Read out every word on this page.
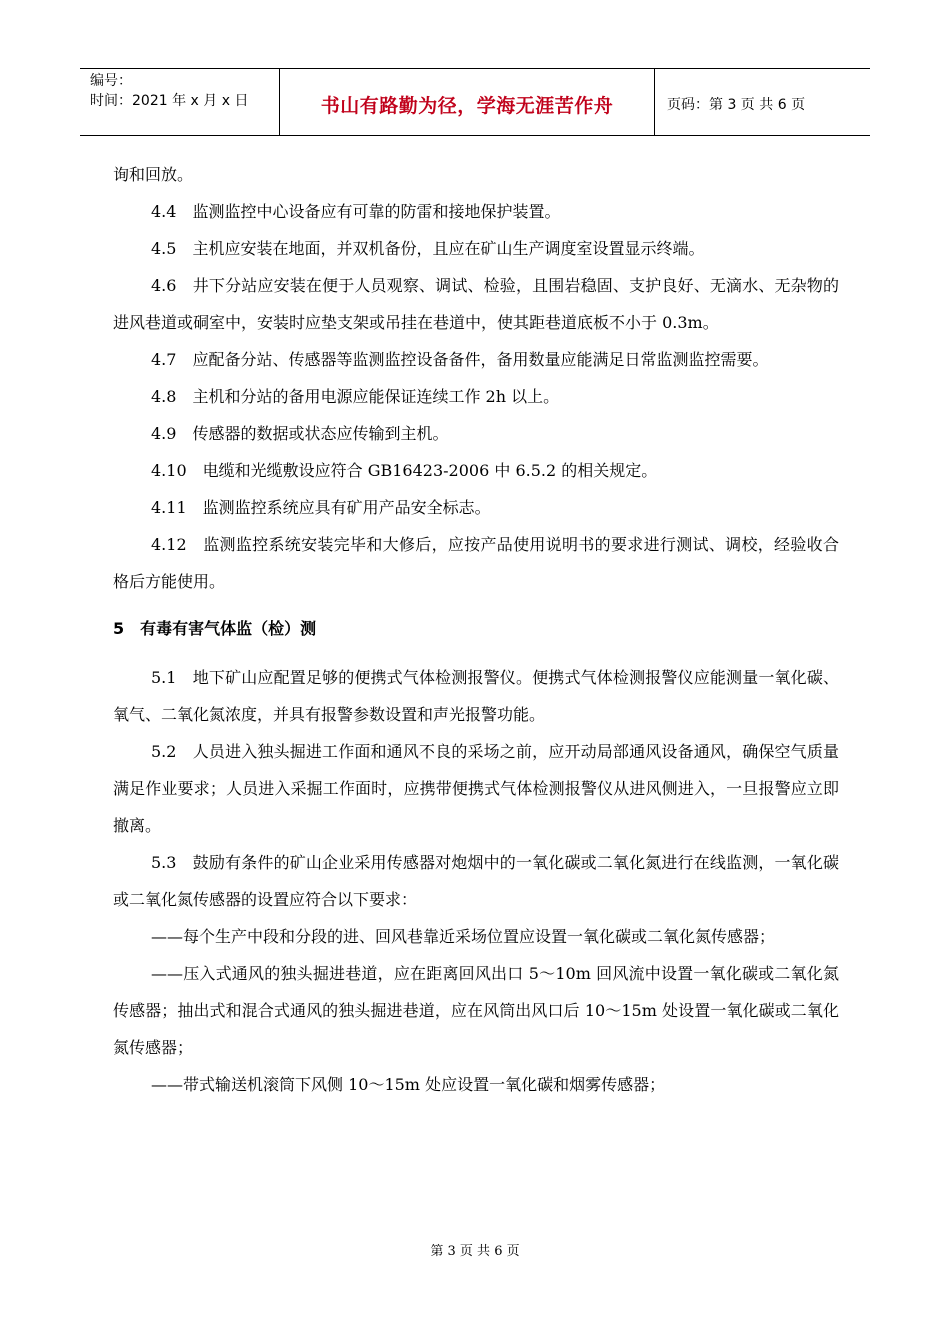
编号：
时间：2021 年 x 月 x 日	书山有路勤为径，学海无涯苦作舟	页码：第 3 页 共 6 页

询和回放。

4.4　监测监控中心设备应有可靠的防雷和接地保护装置。

4.5　主机应安装在地面，并双机备份，且应在矿山生产调度室设置显示终端。

4.6　井下分站应安装在便于人员观察、调试、检验，且围岩稳固、支护良好、无滴水、无杂物的进风巷道或硐室中，安装时应垫支架或吊挂在巷道中，使其距巷道底板不小于 0.3m。

4.7　应配备分站、传感器等监测监控设备备件，备用数量应能满足日常监测监控需要。

4.8　主机和分站的备用电源应能保证连续工作 2h 以上。

4.9　传感器的数据或状态应传输到主机。

4.10　电缆和光缆敷设应符合 GB16423-2006 中 6.5.2 的相关规定。

4.11　监测监控系统应具有矿用产品安全标志。

4.12　监测监控系统安装完毕和大修后，应按产品使用说明书的要求进行测试、调校，经验收合格后方能使用。

5　有毒有害气体监（检）测

5.1　地下矿山应配置足够的便携式气体检测报警仪。便携式气体检测报警仪应能测量一氧化碳、氧气、二氧化氮浓度，并具有报警参数设置和声光报警功能。

5.2　人员进入独头掘进工作面和通风不良的采场之前，应开动局部通风设备通风，确保空气质量满足作业要求；人员进入采掘工作面时，应携带便携式气体检测报警仪从进风侧进入，一旦报警应立即撤离。

5.3　鼓励有条件的矿山企业采用传感器对炮烟中的一氧化碳或二氧化氮进行在线监测，一氧化碳或二氧化氮传感器的设置应符合以下要求：

——每个生产中段和分段的进、回风巷靠近采场位置应设置一氧化碳或二氧化氮传感器；

——压入式通风的独头掘进巷道，应在距离回风出口 5～10m 回风流中设置一氧化碳或二氧化氮传感器；抽出式和混合式通风的独头掘进巷道，应在风筒出风口后 10～15m 处设置一氧化碳或二氧化氮传感器；

——带式输送机滚筒下风侧 10～15m 处应设置一氧化碳和烟雾传感器；

第 3 页 共 6 页
